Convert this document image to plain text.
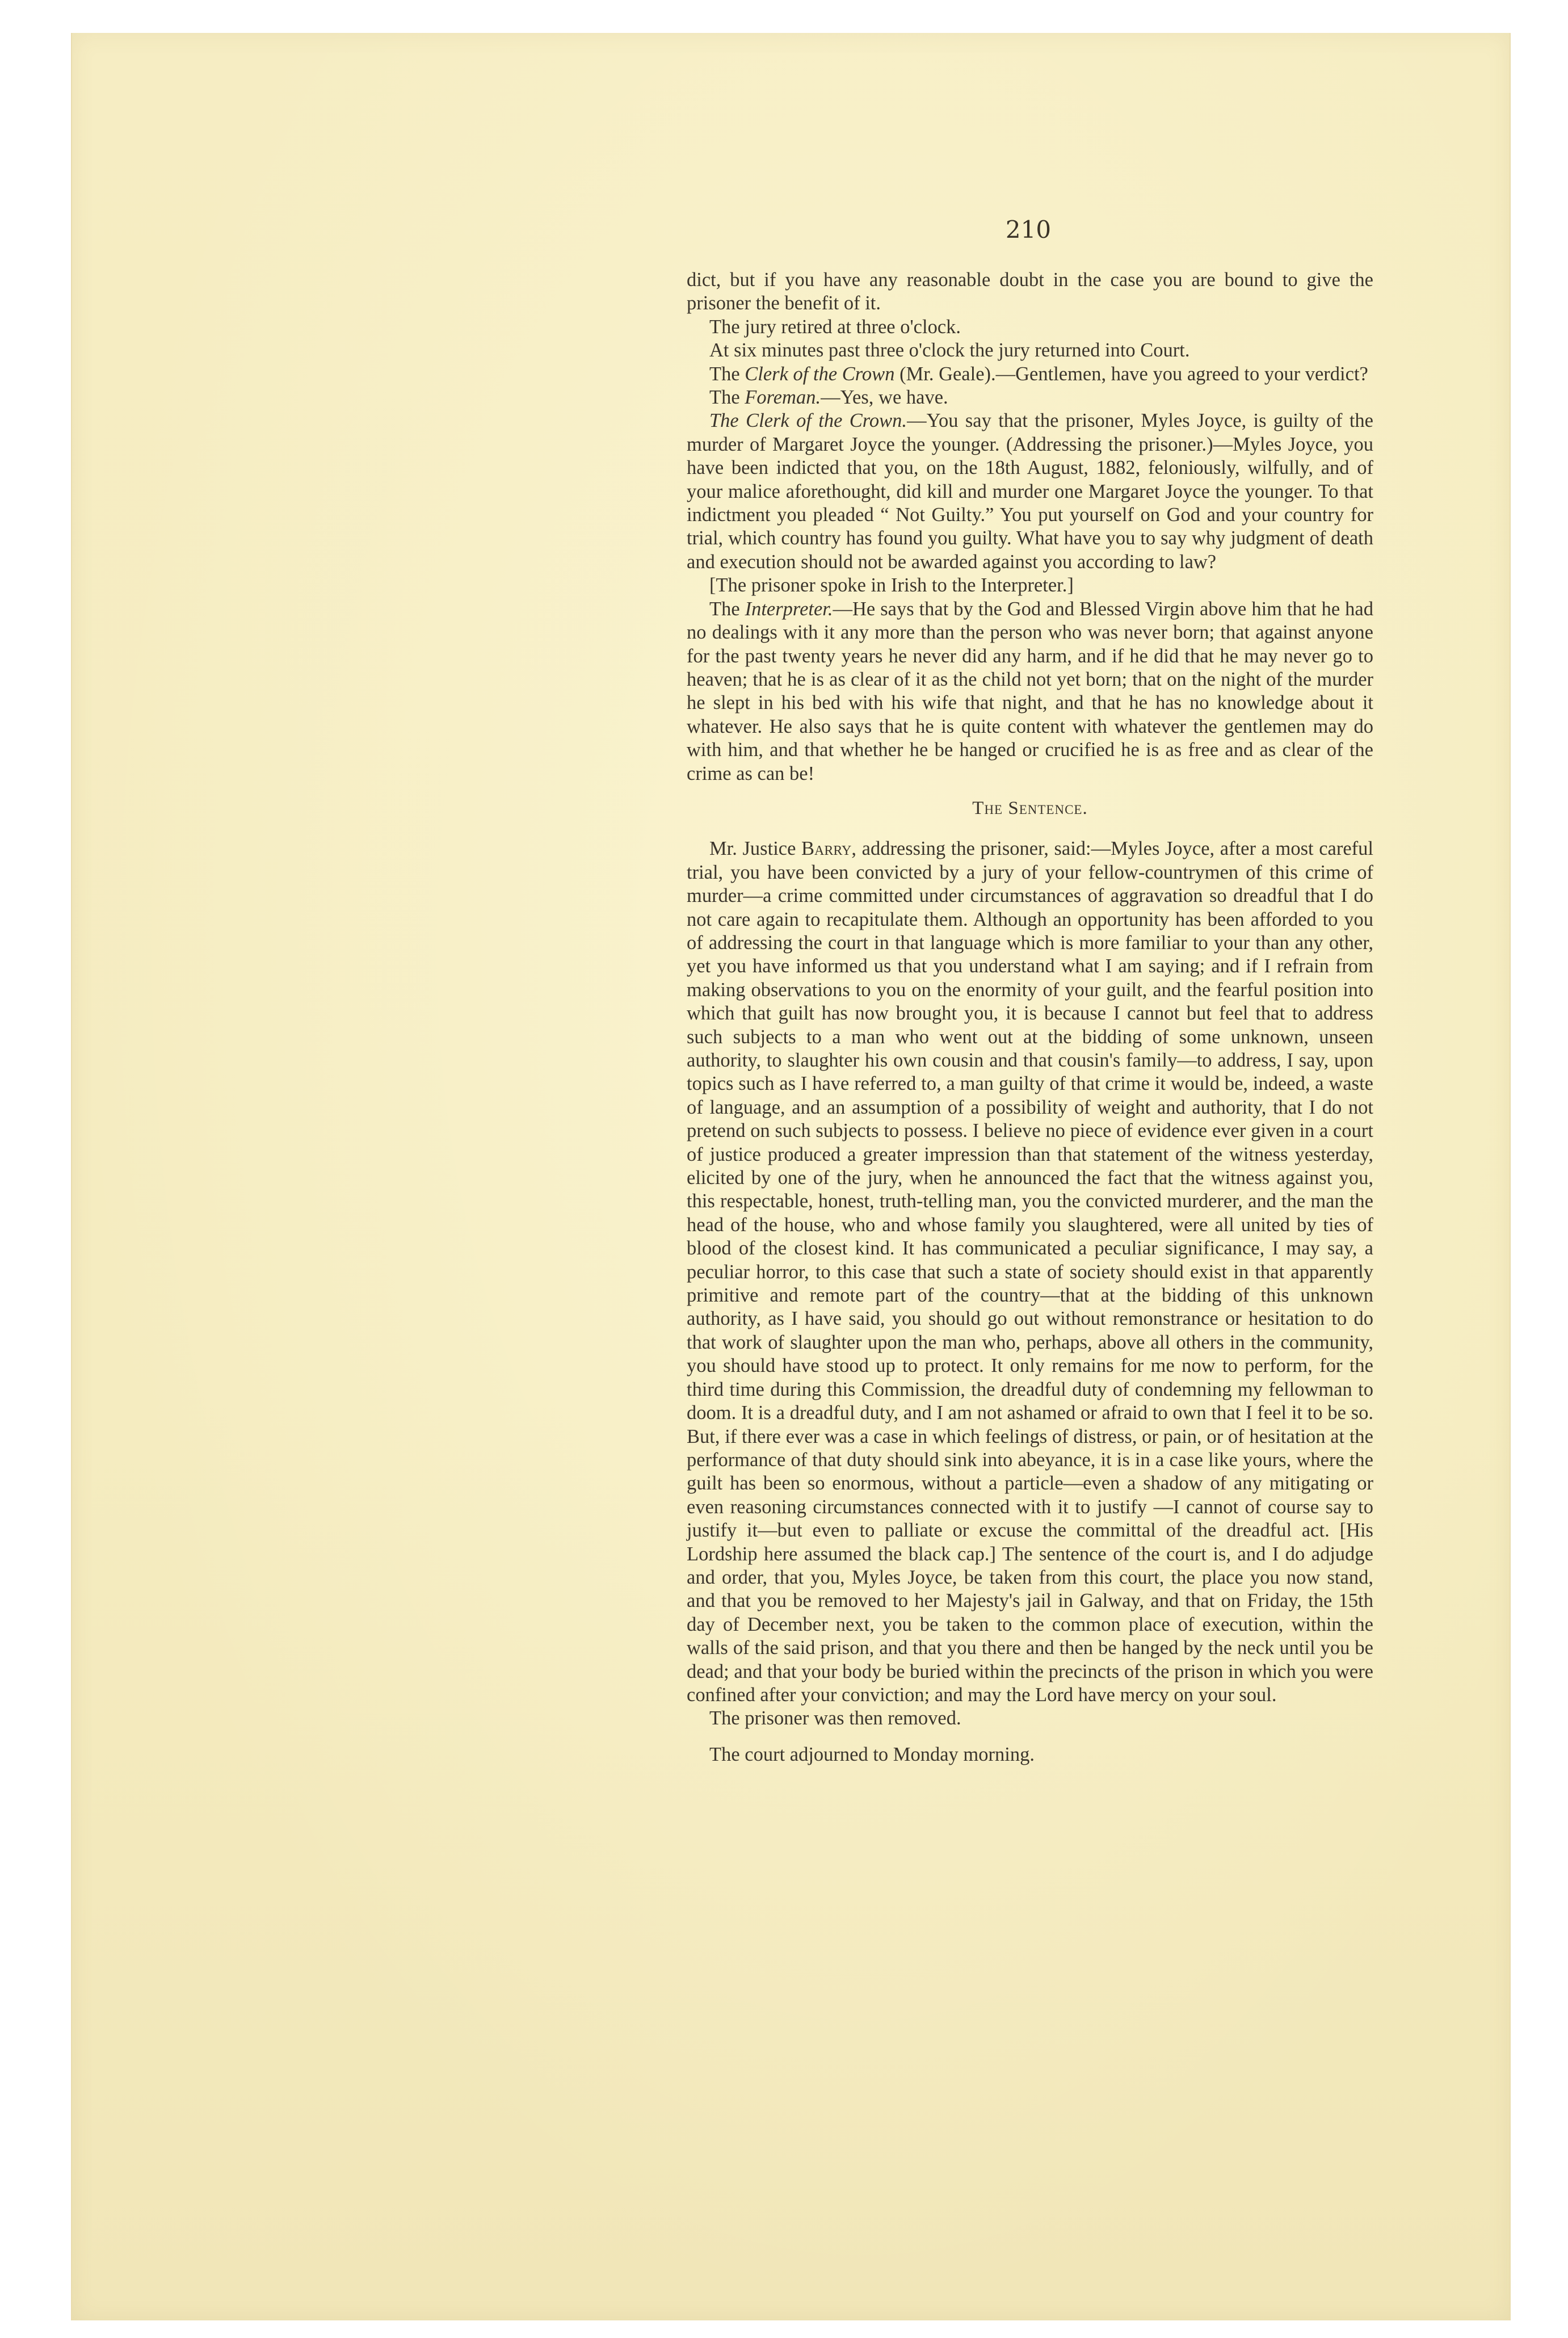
210

dict, but if you have any reasonable doubt in the case you are bound to give the prisoner the benefit of it.

The jury retired at three o'clock.

At six minutes past three o'clock the jury returned into Court.

The Clerk of the Crown (Mr. Geale).—Gentlemen, have you agreed to your verdict?

The Foreman.—Yes, we have.

The Clerk of the Crown.—You say that the prisoner, Myles Joyce, is guilty of the murder of Margaret Joyce the younger. (Addressing the prisoner.)—Myles Joyce, you have been indicted that you, on the 18th August, 1882, feloniously, wilfully, and of your malice aforethought, did kill and murder one Margaret Joyce the younger. To that indictment you pleaded “ Not Guilty.” You put yourself on God and your country for trial, which country has found you guilty. What have you to say why judgment of death and execution should not be awarded against you according to law?

[The prisoner spoke in Irish to the Interpreter.]

The Interpreter.—He says that by the God and Blessed Virgin above him that he had no dealings with it any more than the person who was never born; that against anyone for the past twenty years he never did any harm, and if he did that he may never go to heaven; that he is as clear of it as the child not yet born; that on the night of the murder he slept in his bed with his wife that night, and that he has no knowledge about it whatever. He also says that he is quite content with whatever the gentlemen may do with him, and that whether he be hanged or crucified he is as free and as clear of the crime as can be!

The Sentence.

Mr. Justice Barry, addressing the prisoner, said:—Myles Joyce, after a most careful trial, you have been convicted by a jury of your fellow-countrymen of this crime of murder—a crime committed under circumstances of aggravation so dreadful that I do not care again to recapitulate them. Although an opportunity has been afforded to you of addressing the court in that language which is more familiar to your than any other, yet you have informed us that you understand what I am saying; and if I refrain from making observations to you on the enormity of your guilt, and the fearful position into which that guilt has now brought you, it is because I cannot but feel that to address such subjects to a man who went out at the bidding of some unknown, unseen authority, to slaughter his own cousin and that cousin's family—to address, I say, upon topics such as I have referred to, a man guilty of that crime it would be, indeed, a waste of language, and an assumption of a possibility of weight and authority, that I do not pretend on such subjects to possess. I believe no piece of evidence ever given in a court of justice produced a greater impression than that statement of the witness yesterday, elicited by one of the jury, when he announced the fact that the witness against you, this respectable, honest, truth-telling man, you the convicted murderer, and the man the head of the house, who and whose family you slaughtered, were all united by ties of blood of the closest kind. It has communicated a peculiar significance, I may say, a peculiar horror, to this case that such a state of society should exist in that apparently primitive and remote part of the country—that at the bidding of this unknown authority, as I have said, you should go out without remonstrance or hesitation to do that work of slaughter upon the man who, perhaps, above all others in the community, you should have stood up to protect. It only remains for me now to perform, for the third time during this Commission, the dreadful duty of condemning my fellowman to doom. It is a dreadful duty, and I am not ashamed or afraid to own that I feel it to be so. But, if there ever was a case in which feelings of distress, or pain, or of hesitation at the performance of that duty should sink into abeyance, it is in a case like yours, where the guilt has been so enormous, without a particle—even a shadow of any mitigating or even reasoning circumstances connected with it to justify —I cannot of course say to justify it—but even to palliate or excuse the committal of the dreadful act. [His Lordship here assumed the black cap.] The sentence of the court is, and I do adjudge and order, that you, Myles Joyce, be taken from this court, the place you now stand, and that you be removed to her Majesty's jail in Galway, and that on Friday, the 15th day of December next, you be taken to the common place of execution, within the walls of the said prison, and that you there and then be hanged by the neck until you be dead; and that your body be buried within the precincts of the prison in which you were confined after your conviction; and may the Lord have mercy on your soul.

The prisoner was then removed.

The court adjourned to Monday morning.
